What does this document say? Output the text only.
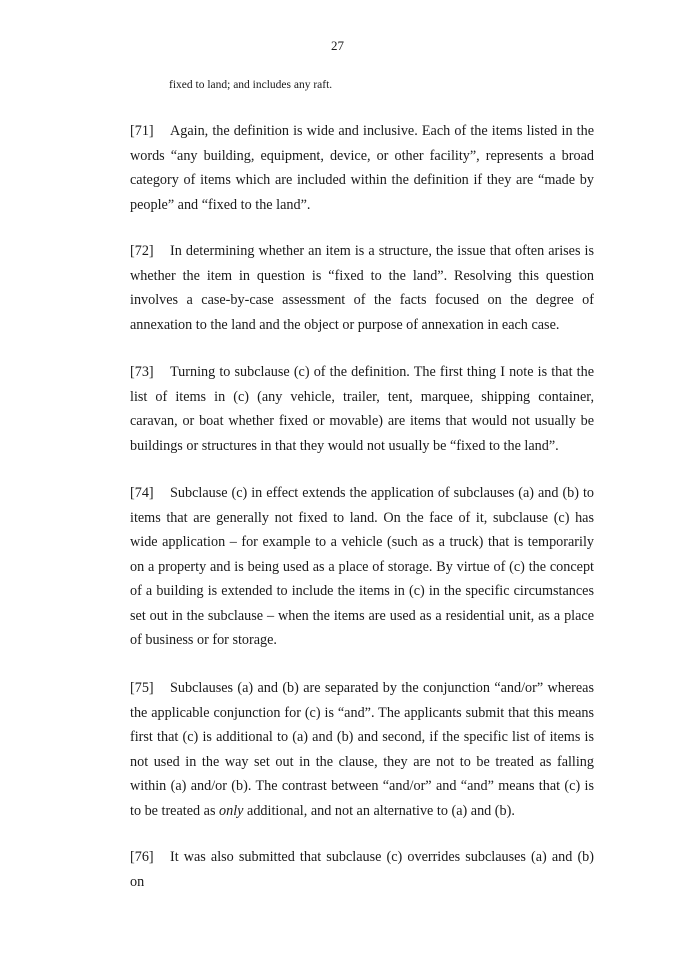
27
fixed to land; and includes any raft.

[71] Again, the definition is wide and inclusive. Each of the items listed in the words “any building, equipment, device, or other facility”, represents a broad category of items which are included within the definition if they are “made by people” and “fixed to the land”.

[72] In determining whether an item is a structure, the issue that often arises is whether the item in question is “fixed to the land”. Resolving this question involves a case-by-case assessment of the facts focused on the degree of annexation to the land and the object or purpose of annexation in each case.

[73] Turning to subclause (c) of the definition. The first thing I note is that the list of items in (c) (any vehicle, trailer, tent, marquee, shipping container, caravan, or boat whether fixed or movable) are items that would not usually be buildings or structures in that they would not usually be “fixed to the land”.

[74] Subclause (c) in effect extends the application of subclauses (a) and (b) to items that are generally not fixed to land. On the face of it, subclause (c) has wide application – for example to a vehicle (such as a truck) that is temporarily on a property and is being used as a place of storage. By virtue of (c) the concept of a building is extended to include the items in (c) in the specific circumstances set out in the subclause – when the items are used as a residential unit, as a place of business or for storage.

[75] Subclauses (a) and (b) are separated by the conjunction “and/or” whereas the applicable conjunction for (c) is “and”. The applicants submit that this means first that (c) is additional to (a) and (b) and second, if the specific list of items is not used in the way set out in the clause, they are not to be treated as falling within (a) and/or (b). The contrast between “and/or” and “and” means that (c) is to be treated as only additional, and not an alternative to (a) and (b).

[76] It was also submitted that subclause (c) overrides subclauses (a) and (b) on
